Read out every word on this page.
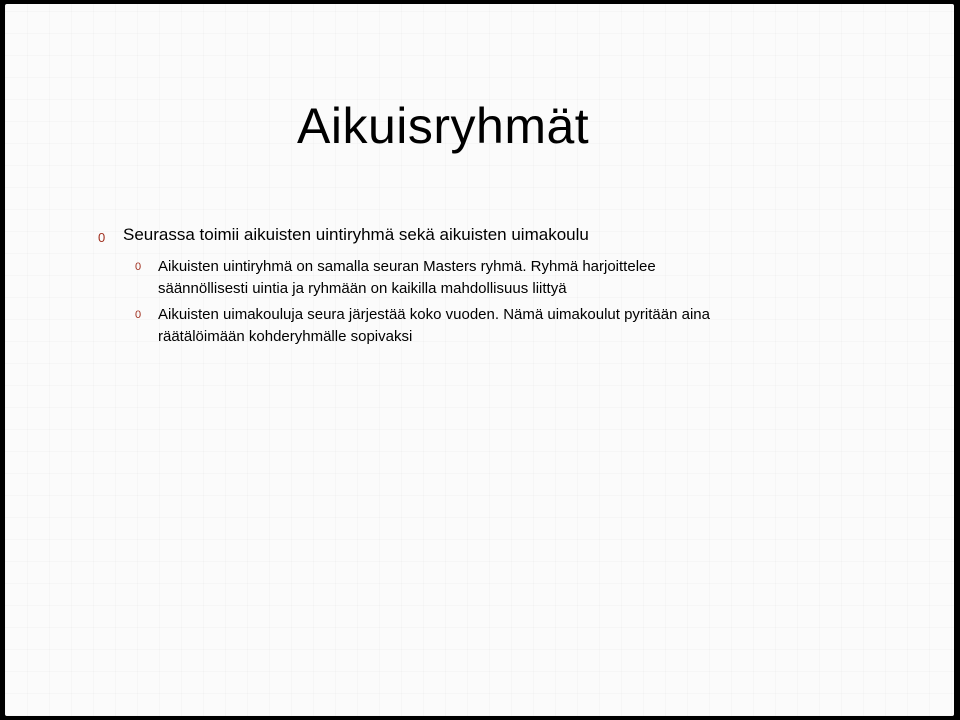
Aikuisryhmät
0 Seurassa toimii aikuisten uintiryhmä sekä aikuisten uimakoulu
0 Aikuisten uintiryhmä on samalla seuran Masters ryhmä. Ryhmä harjoittelee
säännöllisesti uintia ja ryhmään on kaikilla mahdollisuus liittyä
0 Aikuisten uimakouluja seura järjestää koko vuoden. Nämä uimakoulut pyritään aina
räätälöimään kohderyhmälle sopivaksi
